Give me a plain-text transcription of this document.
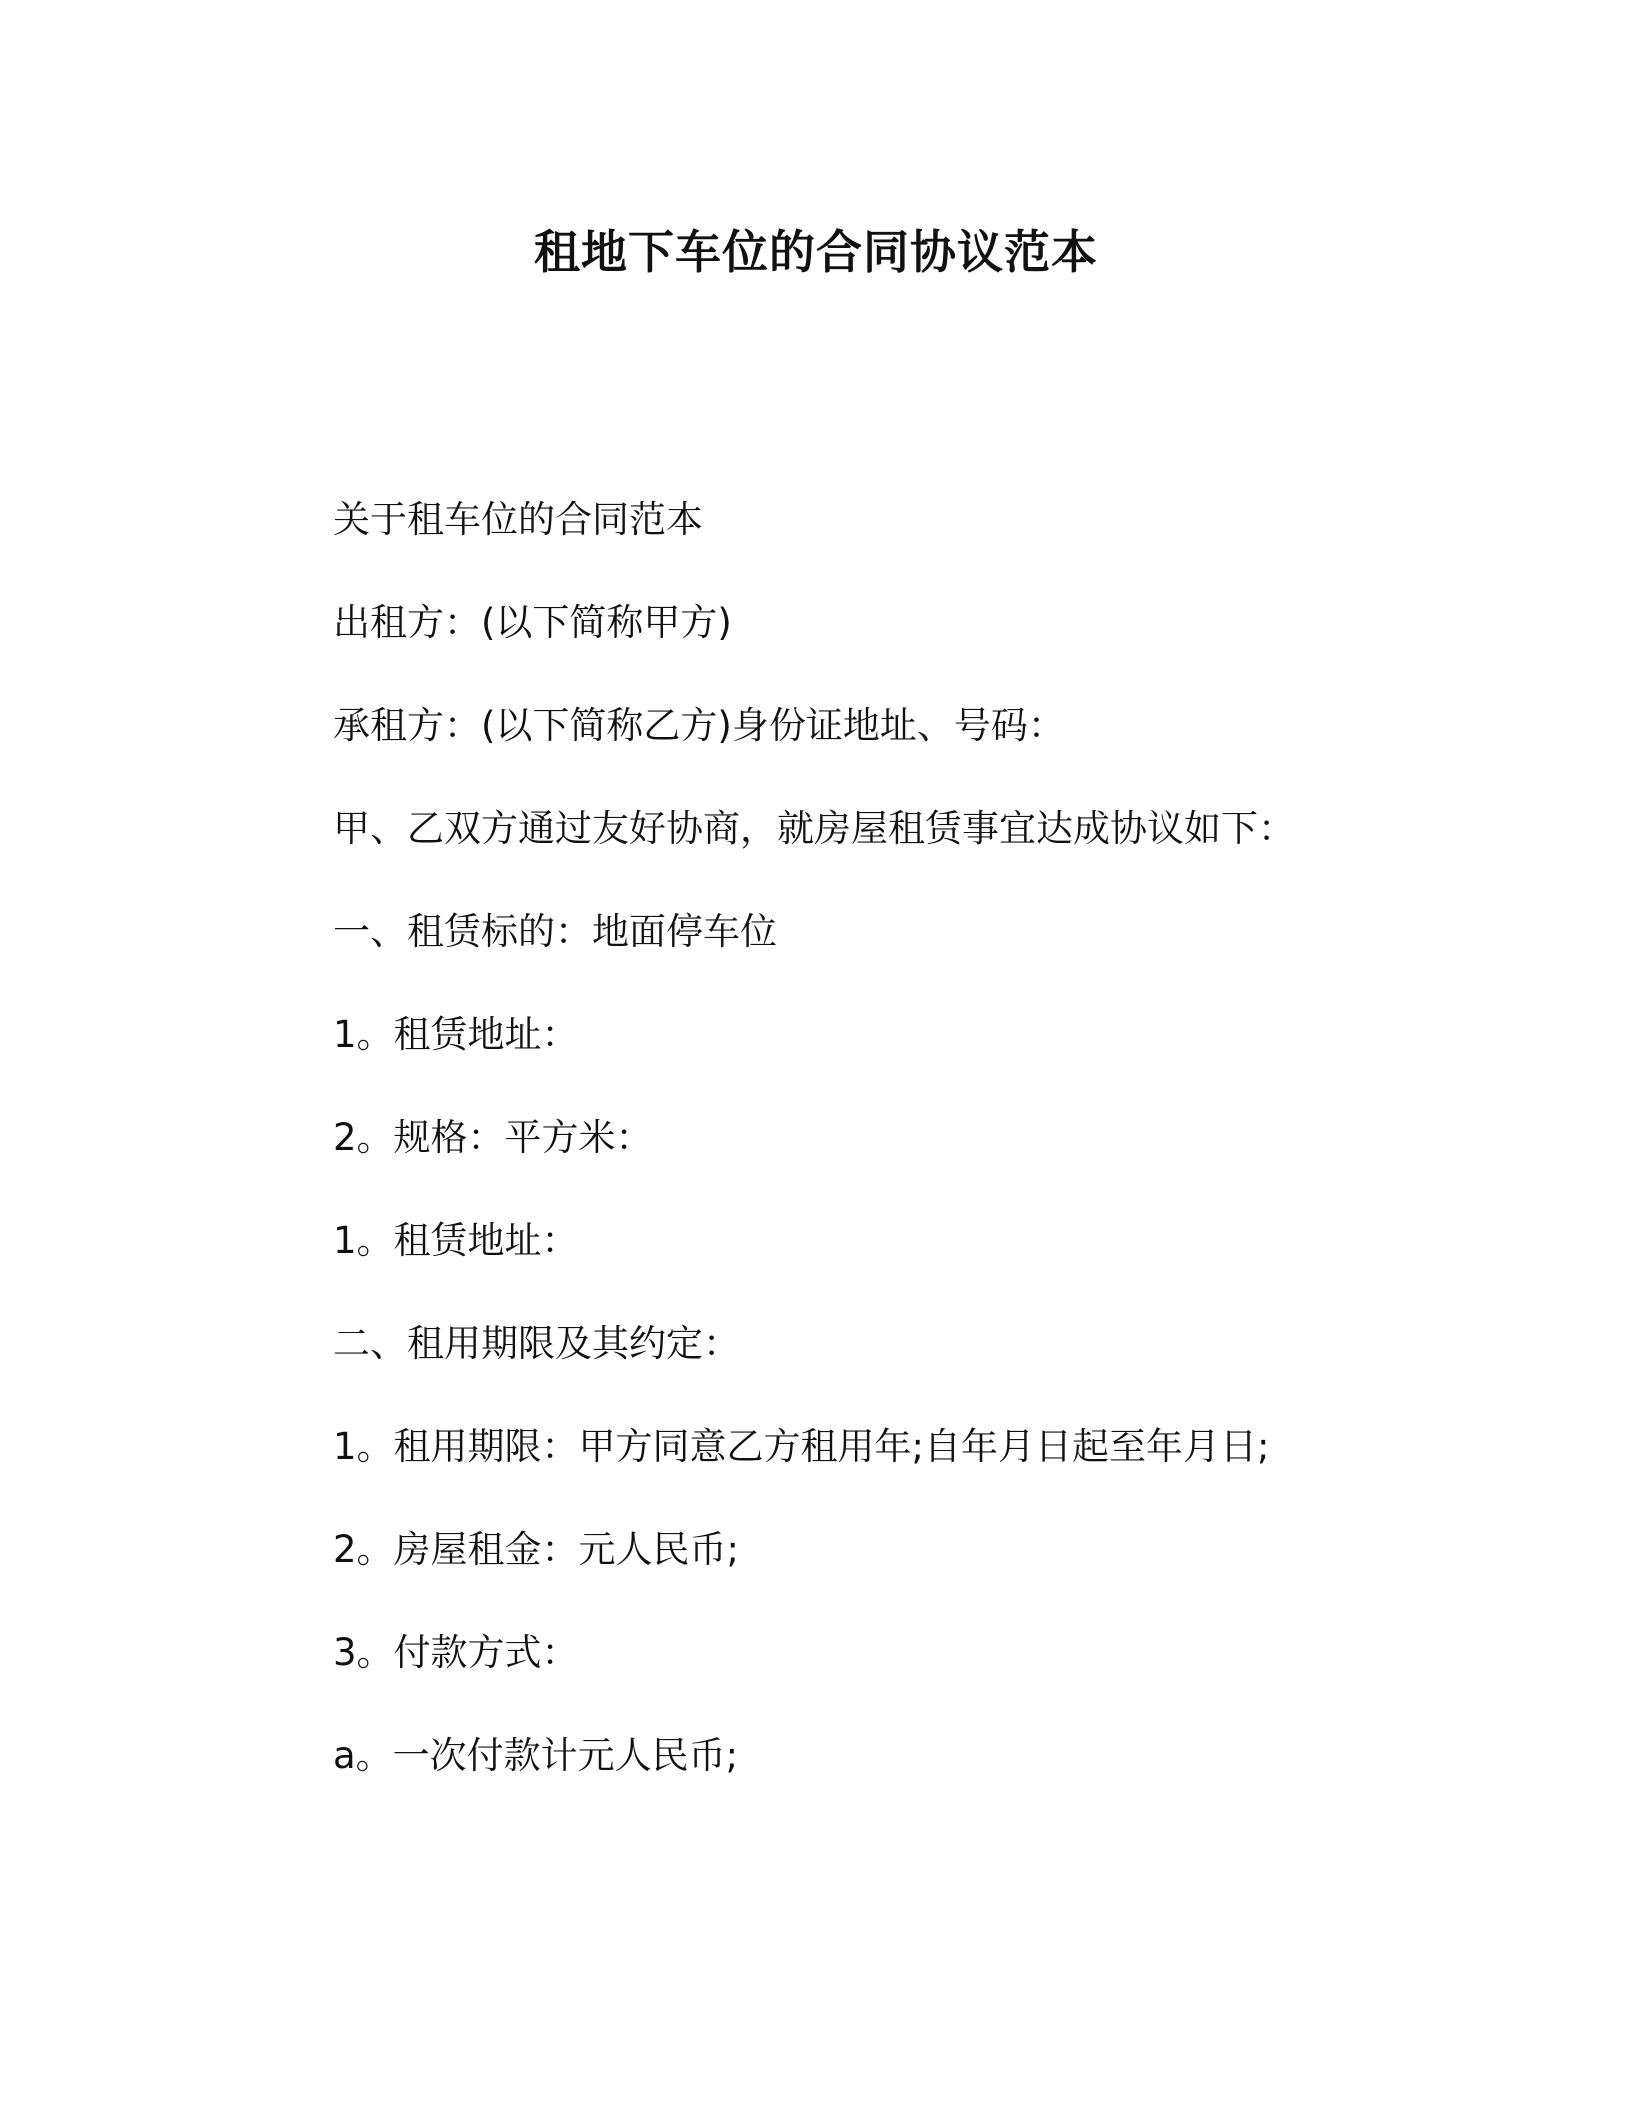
租地下车位的合同协议范本
关于租车位的合同范本
出租方：(以下简称甲方)
承租方：(以下简称乙方)身份证地址、号码：
甲、乙双方通过友好协商，就房屋租赁事宜达成协议如下：
一、租赁标的：地面停车位
1。租赁地址：
2。规格：平方米：
1。租赁地址：
二、租用期限及其约定：
1。租用期限：甲方同意乙方租用年;自年月日起至年月日;
2。房屋租金：元人民币;
3。付款方式：
a。一次付款计元人民币;
